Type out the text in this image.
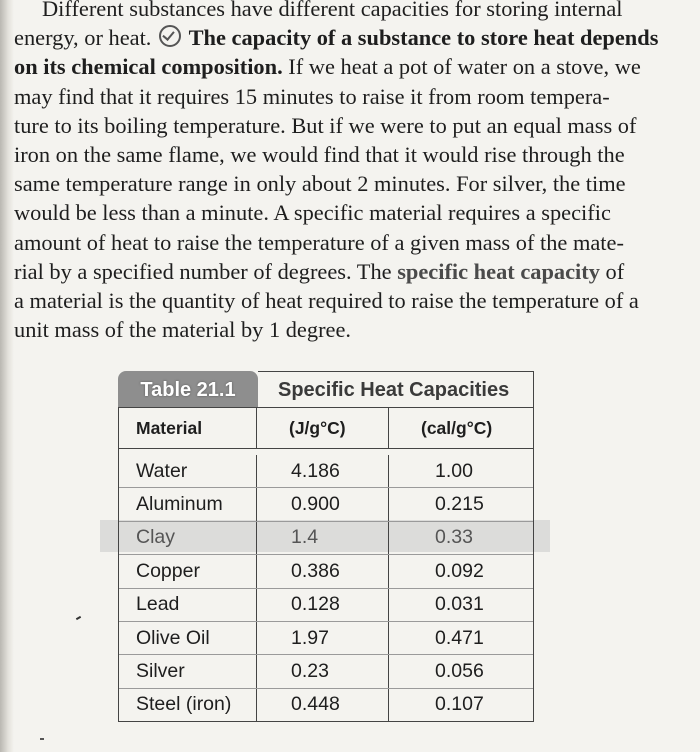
Different substances have different capacities for storing internal
energy, or heat. The capacity of a substance to store heat depends
on its chemical composition. If we heat a pot of water on a stove, we
may find that it requires 15 minutes to raise it from room tempera-
ture to its boiling temperature. But if we were to put an equal mass of
iron on the same flame, we would find that it would rise through the
same temperature range in only about 2 minutes. For silver, the time
would be less than a minute. A specific material requires a specific
amount of heat to raise the temperature of a given mass of the mate-
rial by a specified number of degrees. The specific heat capacity of
a material is the quantity of heat required to raise the temperature of a
unit mass of the material by 1 degree.
Table 21.1	Specific Heat Capacities
Material	(J/g°C)	(cal/g°C)
Water	4.186	1.00
Aluminum	0.900	0.215
Clay	1.4	0.33
Copper	0.386	0.092
Lead	0.128	0.031
Olive Oil	1.97	0.471
Silver	0.23	0.056
Steel (iron)	0.448	0.107
